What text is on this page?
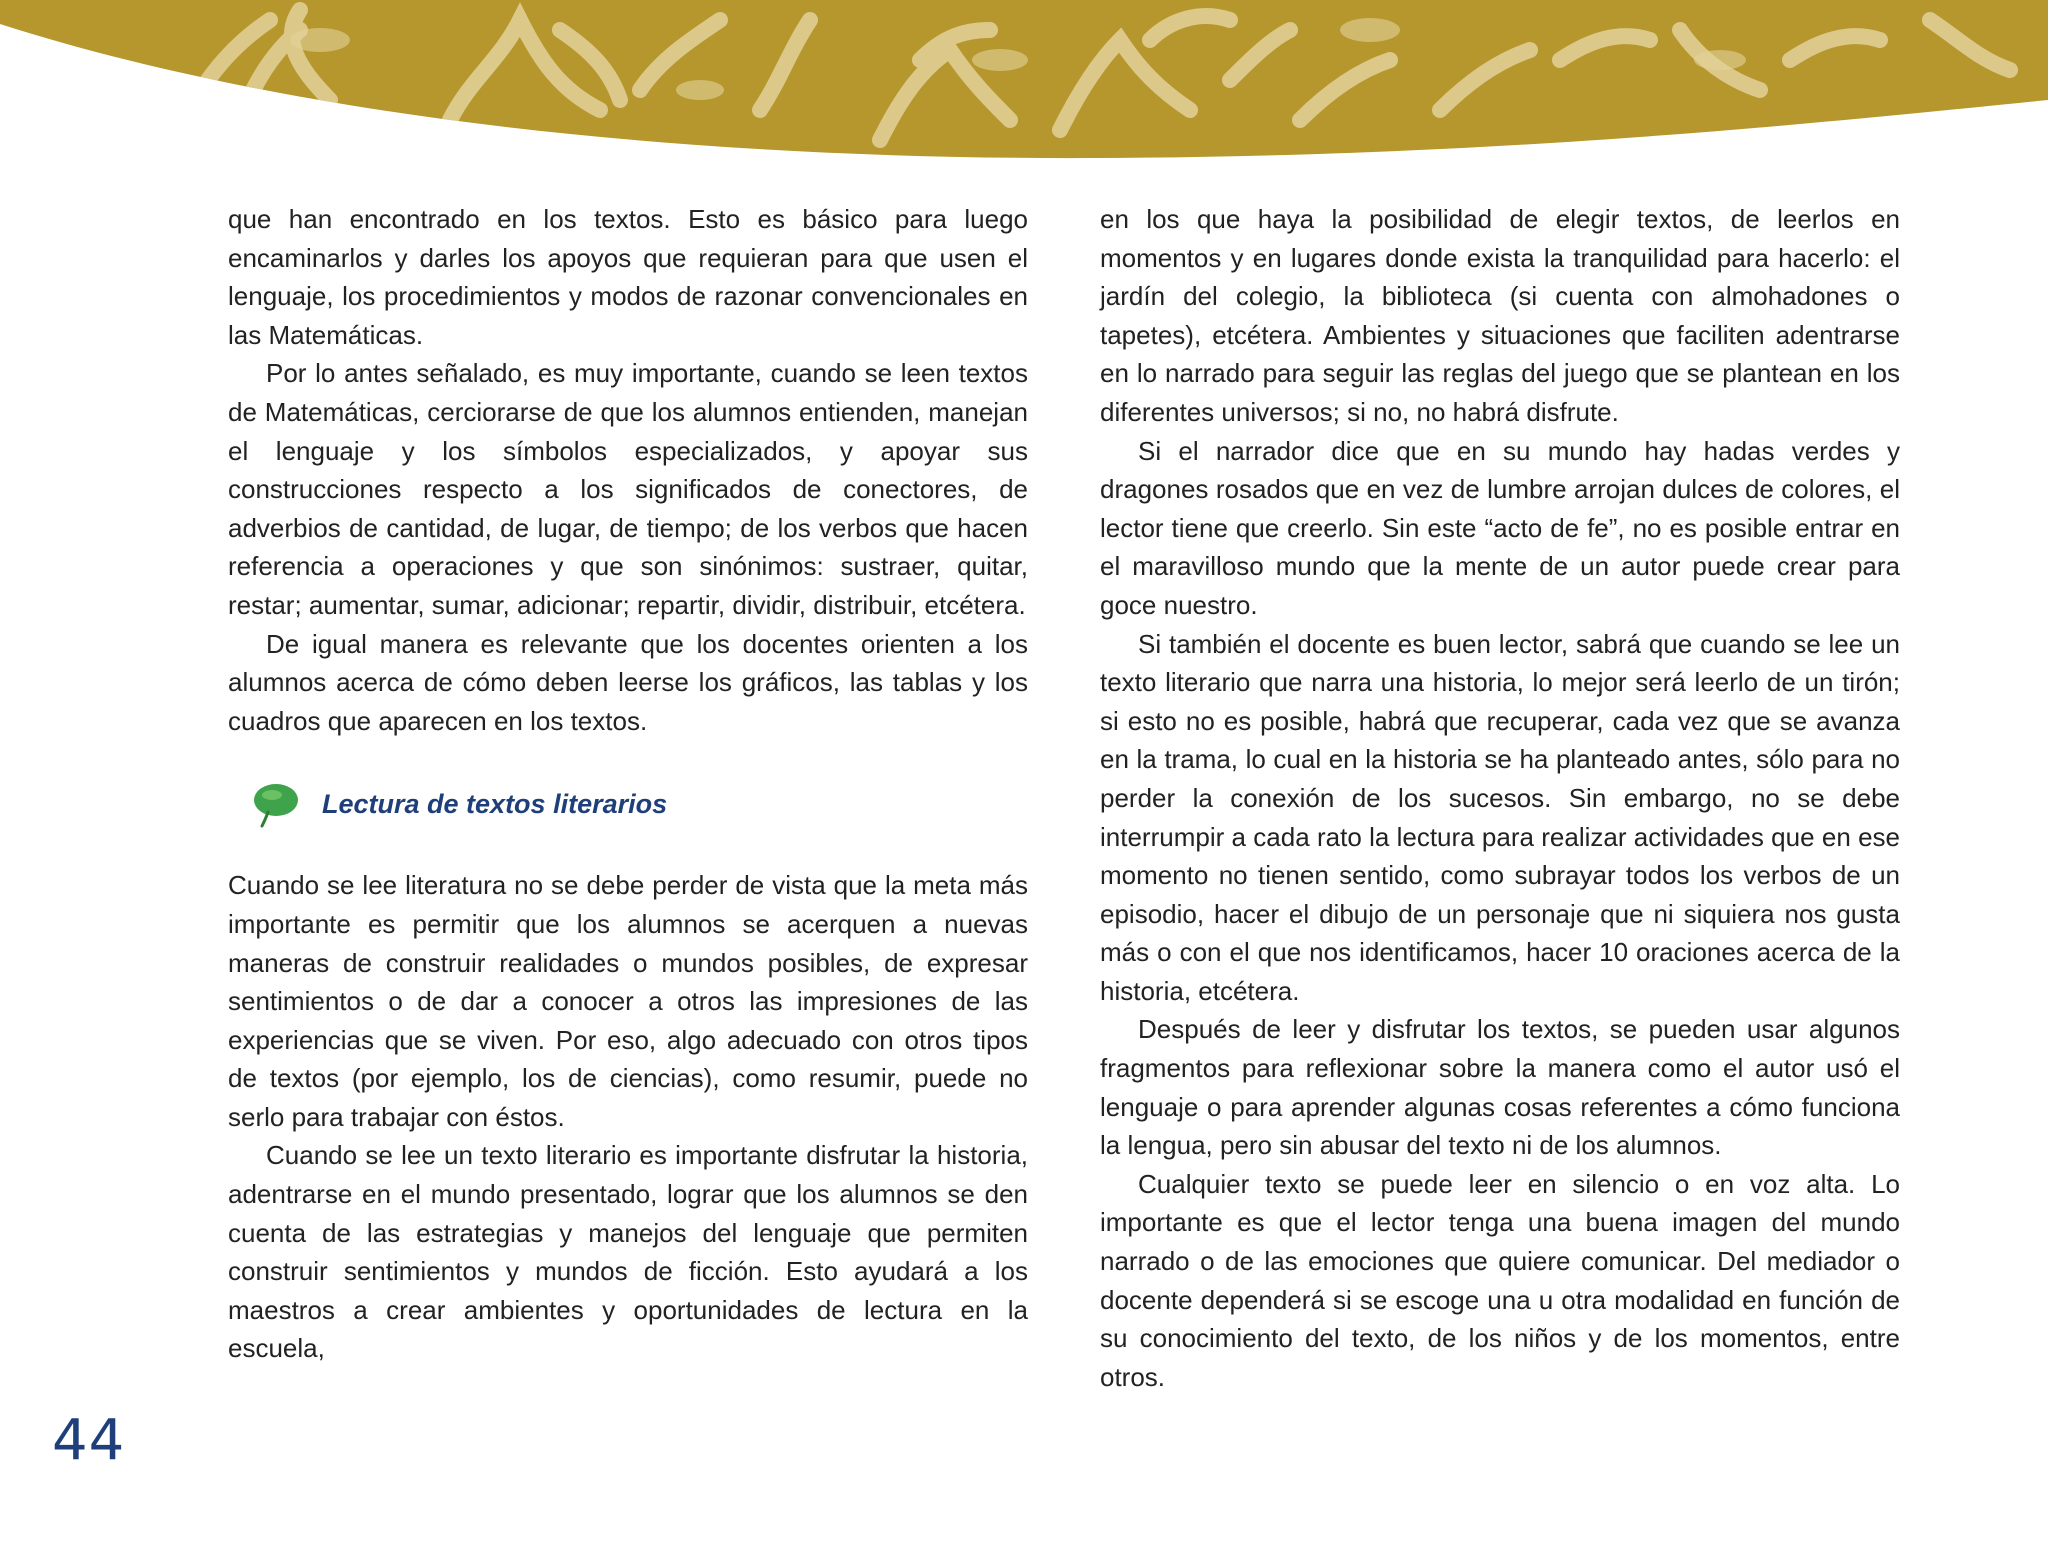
que han encontrado en los textos. Esto es básico para luego encaminarlos y darles los apoyos que requieran para que usen el lenguaje, los procedimientos y modos de razonar convencionales en las Matemáticas.

Por lo antes señalado, es muy importante, cuando se leen textos de Matemáticas, cerciorarse de que los alumnos entienden, manejan el lenguaje y los símbolos especializados, y apoyar sus construcciones respecto a los significados de conectores, de adverbios de cantidad, de lugar, de tiempo; de los verbos que hacen referencia a operaciones y que son sinónimos: sustraer, quitar, restar; aumentar, sumar, adicionar; repartir, dividir, distribuir, etcétera.

De igual manera es relevante que los docentes orienten a los alumnos acerca de cómo deben leerse los gráficos, las tablas y los cuadros que aparecen en los textos.

Lectura de textos literarios

Cuando se lee literatura no se debe perder de vista que la meta más importante es permitir que los alumnos se acerquen a nuevas maneras de construir realidades o mundos posibles, de expresar sentimientos o de dar a conocer a otros las impresiones de las experiencias que se viven. Por eso, algo adecuado con otros tipos de textos (por ejemplo, los de ciencias), como resumir, puede no serlo para trabajar con éstos.

Cuando se lee un texto literario es importante disfrutar la historia, adentrarse en el mundo presentado, lograr que los alumnos se den cuenta de las estrategias y manejos del lenguaje que permiten construir sentimientos y mundos de ficción. Esto ayudará a los maestros a crear ambientes y oportunidades de lectura en la escuela,

en los que haya la posibilidad de elegir textos, de leerlos en momentos y en lugares donde exista la tranquilidad para hacerlo: el jardín del colegio, la biblioteca (si cuenta con almohadones o tapetes), etcétera. Ambientes y situaciones que faciliten adentrarse en lo narrado para seguir las reglas del juego que se plantean en los diferentes universos; si no, no habrá disfrute.

Si el narrador dice que en su mundo hay hadas verdes y dragones rosados que en vez de lumbre arrojan dulces de colores, el lector tiene que creerlo. Sin este “acto de fe”, no es posible entrar en el maravilloso mundo que la mente de un autor puede crear para goce nuestro.

Si también el docente es buen lector, sabrá que cuando se lee un texto literario que narra una historia, lo mejor será leerlo de un tirón; si esto no es posible, habrá que recuperar, cada vez que se avanza en la trama, lo cual en la historia se ha planteado antes, sólo para no perder la conexión de los sucesos. Sin embargo, no se debe interrumpir a cada rato la lectura para realizar actividades que en ese momento no tienen sentido, como subrayar todos los verbos de un episodio, hacer el dibujo de un personaje que ni siquiera nos gusta más o con el que nos identificamos, hacer 10 oraciones acerca de la historia, etcétera.

Después de leer y disfrutar los textos, se pueden usar algunos fragmentos para reflexionar sobre la manera como el autor usó el lenguaje o para aprender algunas cosas referentes a cómo funciona la lengua, pero sin abusar del texto ni de los alumnos.

Cualquier texto se puede leer en silencio o en voz alta. Lo importante es que el lector tenga una buena imagen del mundo narrado o de las emociones que quiere comunicar. Del mediador o docente dependerá si se escoge una u otra modalidad en función de su conocimiento del texto, de los niños y de los momentos, entre otros.

44
